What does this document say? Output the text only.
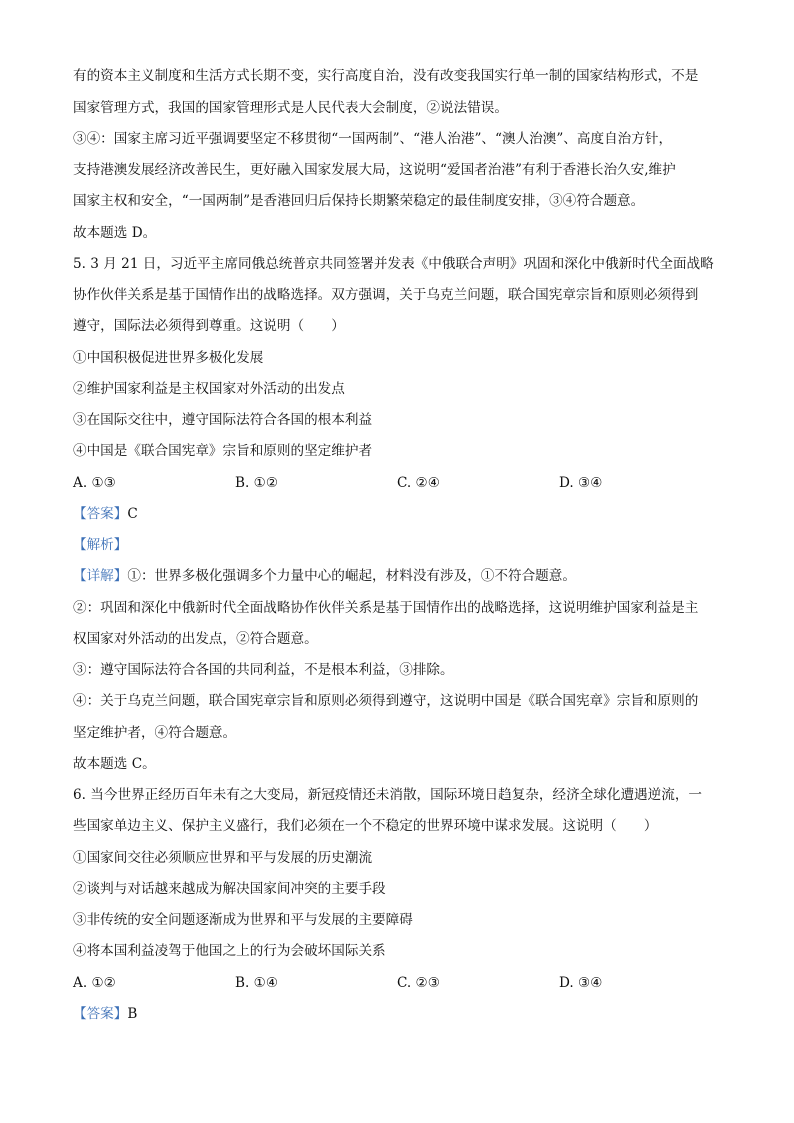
有的资本主义制度和生活方式长期不变，实行高度自治，没有改变我国实行单一制的国家结构形式，不是
国家管理方式，我国的国家管理形式是人民代表大会制度，②说法错误。
③④：国家主席习近平强调要坚定不移贯彻“一国两制”、“港人治港”、“澳人治澳”、高度自治方针，
支持港澳发展经济改善民生，更好融入国家发展大局，这说明“爱国者治港”有利于香港长治久安,维护
国家主权和安全，“一国两制”是香港回归后保持长期繁荣稳定的最佳制度安排，③④符合题意。
故本题选 D。
5. 3 月 21 日，习近平主席同俄总统普京共同签署并发表《中俄联合声明》巩固和深化中俄新时代全面战略
协作伙伴关系是基于国情作出的战略选择。双方强调，关于乌克兰问题，联合国宪章宗旨和原则必须得到
遵守，国际法必须得到尊重。这说明（　　）
①中国积极促进世界多极化发展
②维护国家利益是主权国家对外活动的出发点
③在国际交往中，遵守国际法符合各国的根本利益
④中国是《联合国宪章》宗旨和原则的坚定维护者
A. ①③	B. ①②	C. ②④	D. ③④
【答案】C
【解析】
【详解】①：世界多极化强调多个力量中心的崛起，材料没有涉及，①不符合题意。
②：巩固和深化中俄新时代全面战略协作伙伴关系是基于国情作出的战略选择，这说明维护国家利益是主
权国家对外活动的出发点，②符合题意。
③：遵守国际法符合各国的共同利益，不是根本利益，③排除。
④：关于乌克兰问题，联合国宪章宗旨和原则必须得到遵守，这说明中国是《联合国宪章》宗旨和原则的
坚定维护者，④符合题意。
故本题选 C。
6. 当今世界正经历百年未有之大变局，新冠疫情还未消散，国际环境日趋复杂，经济全球化遭遇逆流，一
些国家单边主义、保护主义盛行，我们必须在一个不稳定的世界环境中谋求发展。这说明（　　）
①国家间交往必须顺应世界和平与发展的历史潮流
②谈判与对话越来越成为解决国家间冲突的主要手段
③非传统的安全问题逐渐成为世界和平与发展的主要障碍
④将本国利益凌驾于他国之上的行为会破坏国际关系
A. ①②	B. ①④	C. ②③	D. ③④
【答案】B
